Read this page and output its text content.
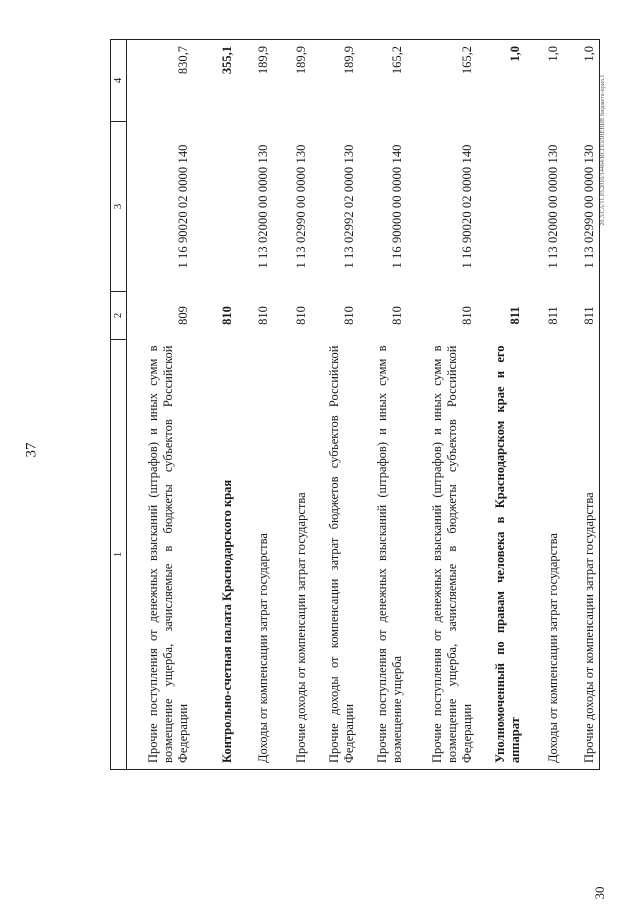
37
30
20.3/СА/11.03.2016/14464/ИСПОЛНЕНИЕ бюджета-прил.1
1	2	3	4
Прочие поступления от денежных взысканий (штрафов) и иных сумм в возмещение ущерба, зачисляемые в бюджеты субъектов Российской Федерации	809	1 16 90020 02 0000 140	830,7
Контрольно-счетная палата Краснодарского края	810		355,1
Доходы от компенсации затрат государства	810	1 13 02000 00 0000 130	189,9
Прочие доходы от компенсации затрат государства	810	1 13 02990 00 0000 130	189,9
Прочие доходы от компенсации затрат бюджетов субъектов Российской Федерации	810	1 13 02992 02 0000 130	189,9
Прочие поступления от денежных взысканий (штрафов) и иных сумм в возмещение ущерба	810	1 16 90000 00 0000 140	165,2
Прочие поступления от денежных взысканий (штрафов) и иных сумм в возмещение ущерба, зачисляемые в бюджеты субъектов Российской Федерации	810	1 16 90020 02 0000 140	165,2
Уполномоченный по правам человека в Краснодарском крае и его аппарат	811		1,0
Доходы от компенсации затрат государства	811	1 13 02000 00 0000 130	1,0
Прочие доходы от компенсации затрат государства	811	1 13 02990 00 0000 130	1,0
